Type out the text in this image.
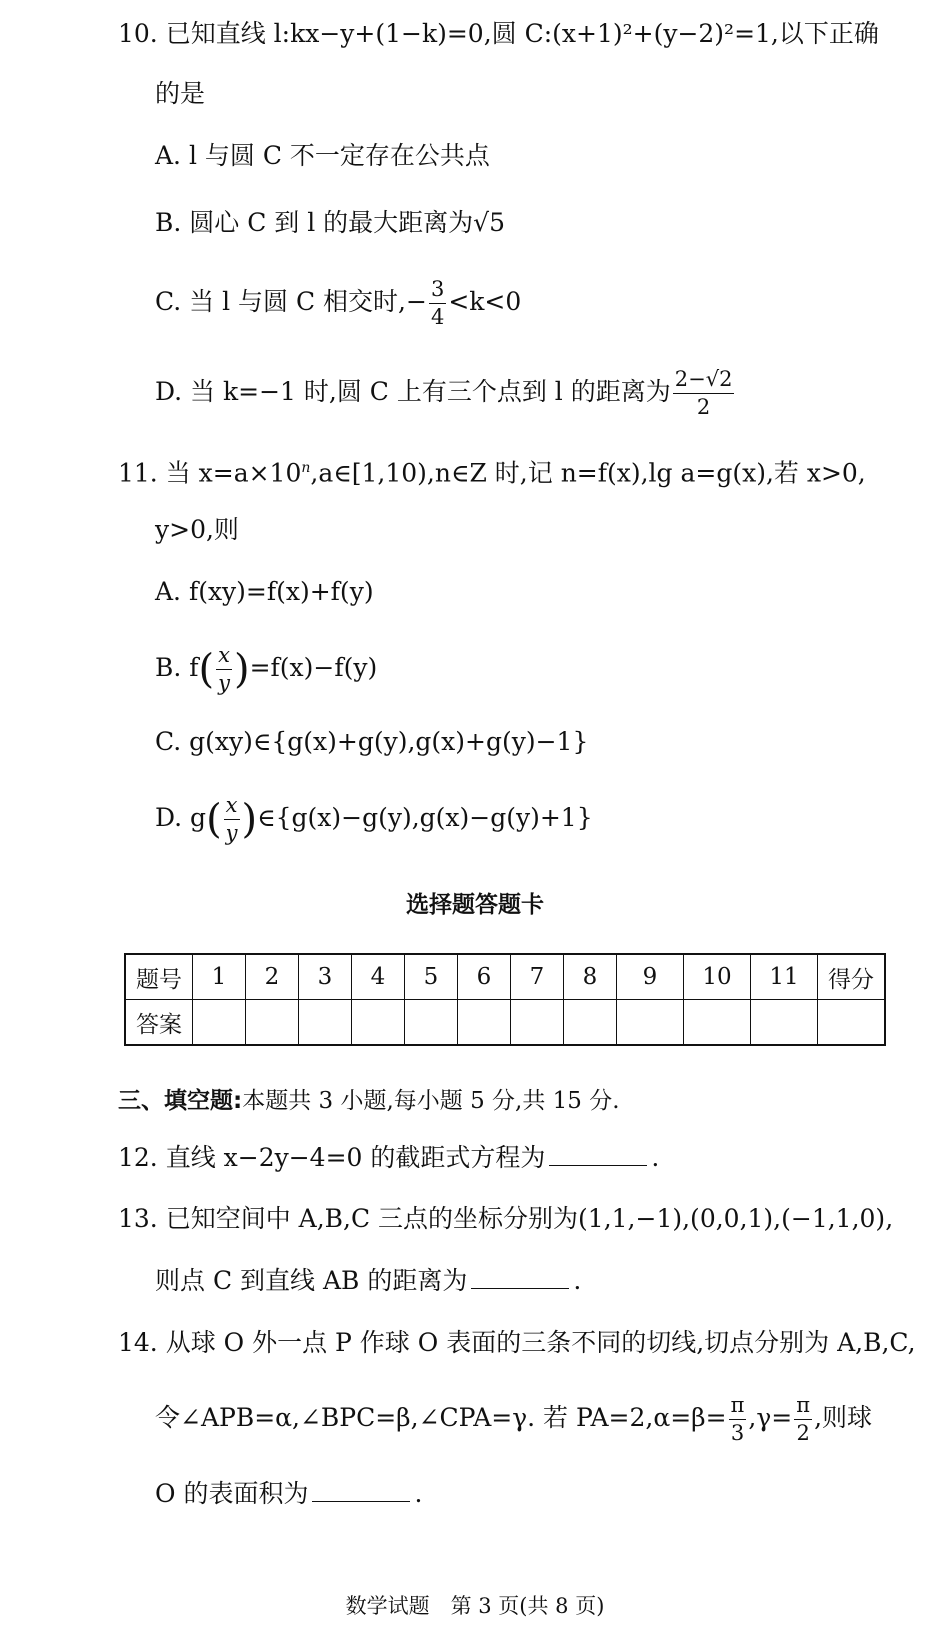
10. 已知直线 l:kx−y+(1−k)=0,圆 C:(x+1)²+(y−2)²=1,以下正确
的是
A. l 与圆 C 不一定存在公共点
B. 圆心 C 到 l 的最大距离为√5
C. 当 l 与圆 C 相交时,− $\frac{3}{4} <k<0$
D. 当 k=−1 时,圆 C 上有三个点到 l 的距离为 $\frac{2-√2}{2}$
11. 当 $x=a\times 10^n,a\in[1,10),n\in Z$ 时,记 n=f(x),lg a=g(x),若 x>0,
y>0,则
A. f(xy)=f(x)+f(y)
B. $f( \frac{x}{y} )=f(x)-f(y)$
C. g(xy)∈{g(x)+g(y),g(x)+g(y)−1}
D. $g( \frac{x}{y}$ )∈{g(x)−g(y),g(x)−g(y)+1}
选择题答题卡
题号	1	2	3	4	5	6	7	8	9	10	11	得分
答案												
三、填空题:本题共 3 小题,每小题 5 分,共 15 分.
12. 直线 x−2y−4=0 的截距式方程为	.
13. 已知空间中 A,B,C 三点的坐标分别为(1,1,−1),(0,0,1),(−1,1,0),
则点 C 到直线 AB 的距离为	.
14. 从球 O 外一点 P 作球 O 表面的三条不同的切线,切点分别为 A,B,C,
令∠APB=α,∠BPC=β,∠CPA=γ. 若 $PA=2,\alpha=\beta= \frac{\pi}{3} ,\gamma= \frac{\pi}{2}$ ,则球
O 的表面积为	.
数学试题　第 3 页(共 8 页)
